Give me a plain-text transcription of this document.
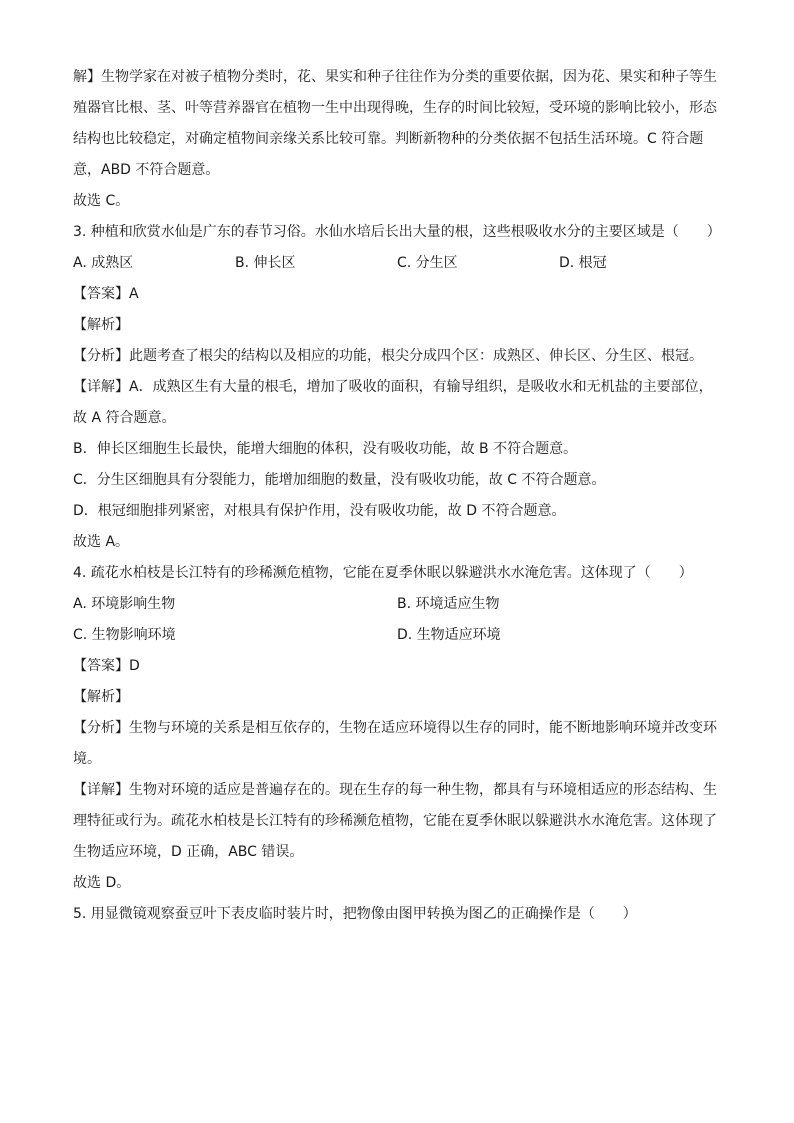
解】生物学家在对被子植物分类时，花、果实和种子往往作为分类的重要依据，因为花、果实和种子等生
殖器官比根、茎、叶等营养器官在植物一生中出现得晚，生存的时间比较短，受环境的影响比较小，形态
结构也比较稳定，对确定植物间亲缘关系比较可靠。判断新物种的分类依据不包括生活环境。C 符合题
意，ABD 不符合题意。
故选 C。
3. 种植和欣赏水仙是广东的春节习俗。水仙水培后长出大量的根，这些根吸收水分的主要区域是（　　）
A. 成熟区	B. 伸长区	C. 分生区	D. 根冠
【答案】A
【解析】
【分析】此题考查了根尖的结构以及相应的功能，根尖分成四个区：成熟区、伸长区、分生区、根冠。
【详解】A．成熟区生有大量的根毛，增加了吸收的面积，有输导组织，是吸收水和无机盐的主要部位，
故 A 符合题意。
B．伸长区细胞生长最快，能增大细胞的体积，没有吸收功能，故 B 不符合题意。
C．分生区细胞具有分裂能力，能增加细胞的数量，没有吸收功能，故 C 不符合题意。
D．根冠细胞排列紧密，对根具有保护作用，没有吸收功能，故 D 不符合题意。
故选 A。
4. 疏花水柏枝是长江特有的珍稀濒危植物，它能在夏季休眠以躲避洪水水淹危害。这体现了（　　）
A. 环境影响生物	B. 环境适应生物
C. 生物影响环境	D. 生物适应环境
【答案】D
【解析】
【分析】生物与环境的关系是相互依存的，生物在适应环境得以生存的同时，能不断地影响环境并改变环
境。
【详解】生物对环境的适应是普遍存在的。现在生存的每一种生物，都具有与环境相适应的形态结构、生
理特征或行为。疏花水柏枝是长江特有的珍稀濒危植物，它能在夏季休眠以躲避洪水水淹危害。这体现了
生物适应环境，D 正确，ABC 错误。
故选 D。
5. 用显微镜观察蚕豆叶下表皮临时装片时，把物像由图甲转换为图乙的正确操作是（　　）
